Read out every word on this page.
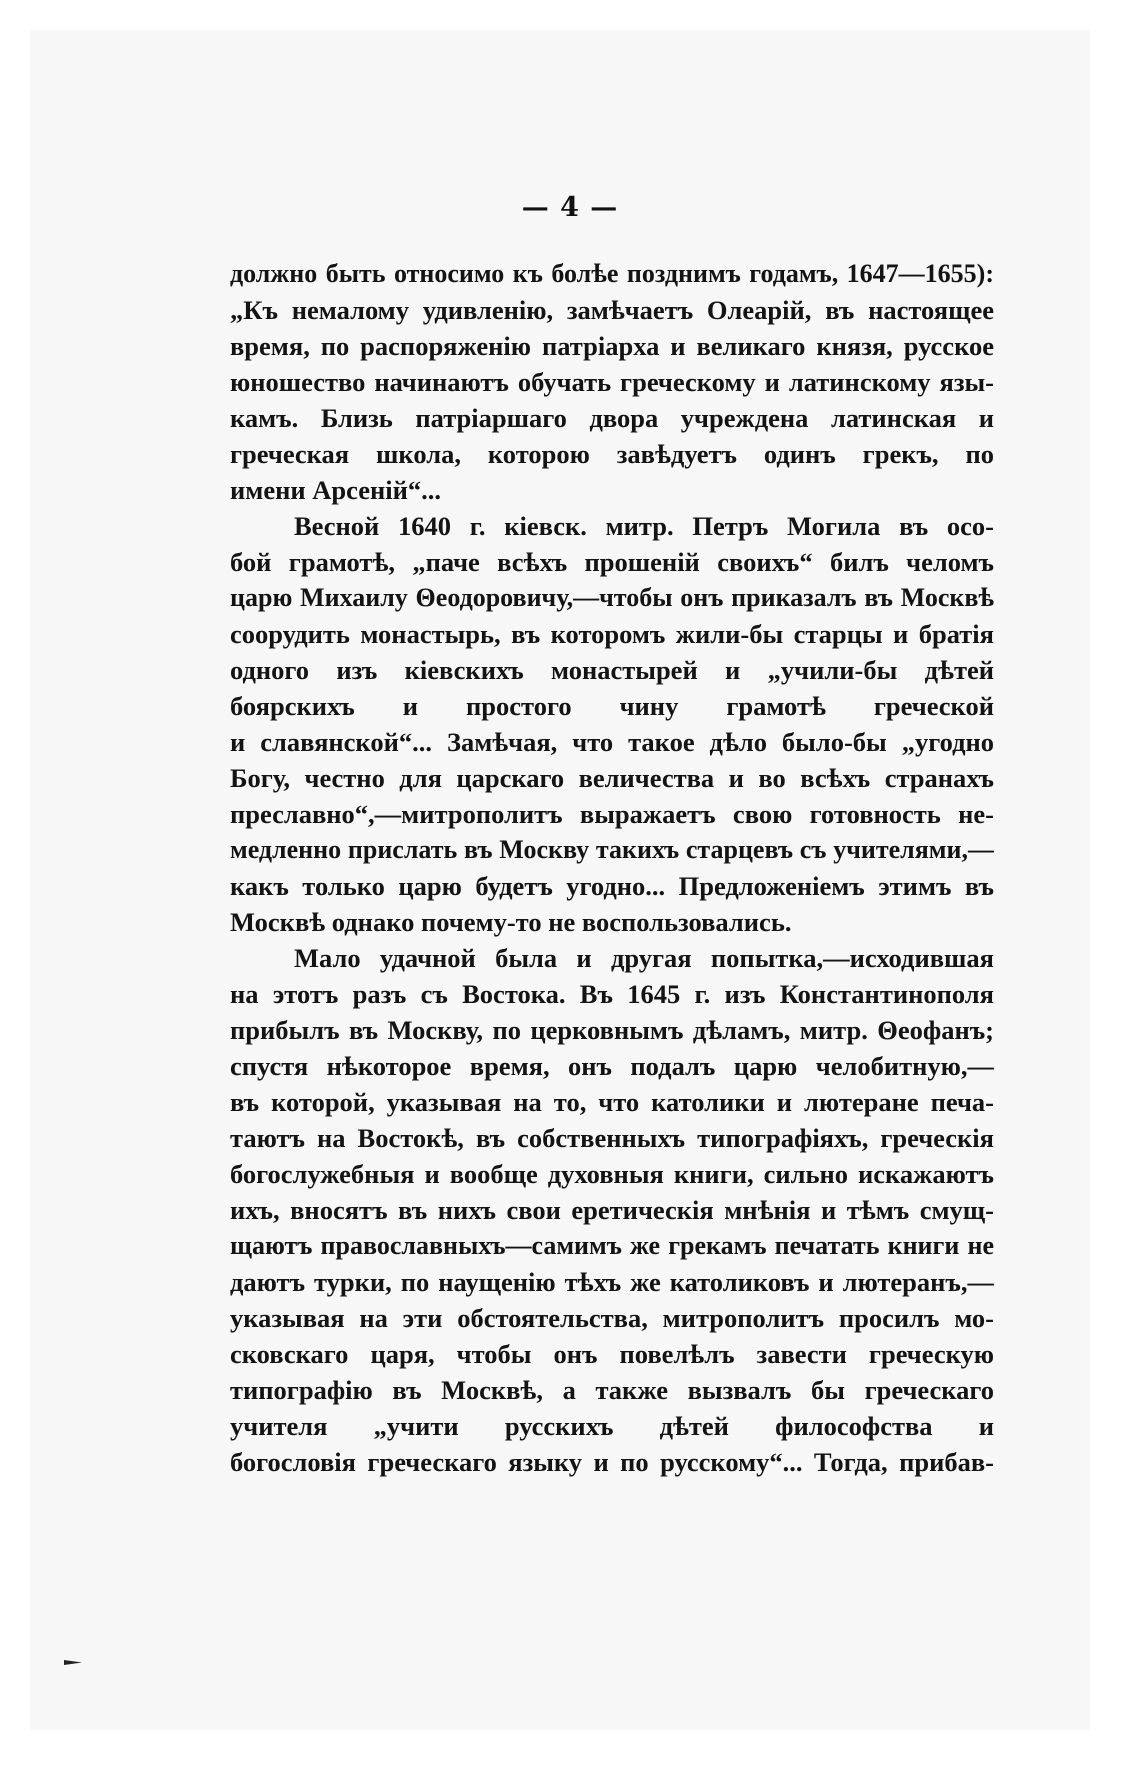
— 4 —
должно быть относимо къ болѣе позднимъ годамъ, 1647—1655):
„Къ немалому удивленію, замѣчаетъ Олеарій, въ настоящее
время, по распоряженію патріарха и великаго князя, русское
юношество начинаютъ обучать греческому и латинскому язы-
камъ. Близь патріаршаго двора учреждена латинская и
греческая школа, которою завѣдуетъ одинъ грекъ, по
имени Арсеній“...
Весной 1640 г. кіевск. митр. Петръ Могила въ осо-
бой грамотѣ, „паче всѣхъ прошеній своихъ“ билъ челомъ
царю Михаилу Θеодоровичу,—чтобы онъ приказалъ въ Москвѣ
соорудить монастырь, въ которомъ жили-бы старцы и братія
одного изъ кіевскихъ монастырей и „учили-бы дѣтей
боярскихъ и простого чину грамотѣ греческой
и славянской“... Замѣчая, что такое дѣло было-бы „угодно
Богу, честно для царскаго величества и во всѣхъ странахъ
преславно“,—митрополитъ выражаетъ свою готовность не-
медленно прислать въ Москву такихъ старцевъ съ учителями,—
какъ только царю будетъ угодно... Предложеніемъ этимъ въ
Москвѣ однако почему-то не воспользовались.
Мало удачной была и другая попытка,—исходившая
на этотъ разъ съ Востока. Въ 1645 г. изъ Константинополя
прибылъ въ Москву, по церковнымъ дѣламъ, митр. Θеофанъ;
спустя нѣкоторое время, онъ подалъ царю челобитную,—
въ которой, указывая на то, что католики и лютеране печа-
таютъ на Востокѣ, въ собственныхъ типографіяхъ, греческія
богослужебныя и вообще духовныя книги, сильно искажаютъ
ихъ, вносятъ въ нихъ свои еретическія мнѣнія и тѣмъ смущ-
щаютъ православныхъ—самимъ же грекамъ печатать книги не
даютъ турки, по наущенію тѣхъ же католиковъ и лютеранъ,—
указывая на эти обстоятельства, митрополитъ просилъ мо-
сковскаго царя, чтобы онъ повелѣлъ завести греческую
типографію въ Москвѣ, а также вызвалъ бы греческаго
учителя „учити русскихъ дѣтей философства и
богословія греческаго языку и по русскому“... Тогда, прибав-
